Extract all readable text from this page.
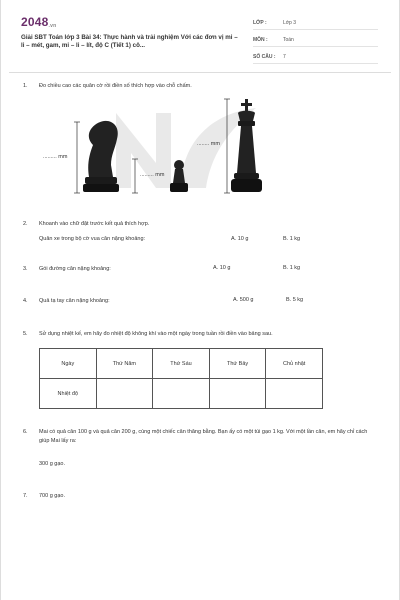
2048.vn
Giải SBT Toán lớp 3 Bài 34: Thực hành và trải nghiệm Với các đơn vị mi – li – mét, gam, mi – li – lít, độ C (Tiết 1) cô...
LỚP :	Lớp 3
MÔN :	Toán
SỐ CÂU :	7
1. Đo chiều cao các quân cờ rồi điền số thích hợp vào chỗ chấm.
......... mm
......... mm
........ mm
2. Khoanh vào chữ đặt trước kết quả thích hợp.
Quân xe trong bộ cờ vua cân nặng khoảng:	A. 10 g	B. 1 kg
3. Gói đường cân nặng khoảng:	A. 10 g	B. 1 kg
4. Quả tạ tay cân nặng khoảng:	A. 500 g	B. 5 kg
5. Sử dụng nhiệt kế, em hãy đo nhiệt độ không khí vào một ngày trong tuần rồi điền vào bảng sau.
Ngày	Thứ Năm	Thứ Sáu	Thứ Bảy	Chủ nhật
Nhiệt độ				
6. Mai có quả cân 100 g và quả cân 200 g, cùng một chiếc cân thăng bằng. Bạn ấy có một túi gạo 1 kg. Với một lần cân, em hãy chỉ cách giúp Mai lấy ra:
300 g gạo.
7. 700 g gạo.
